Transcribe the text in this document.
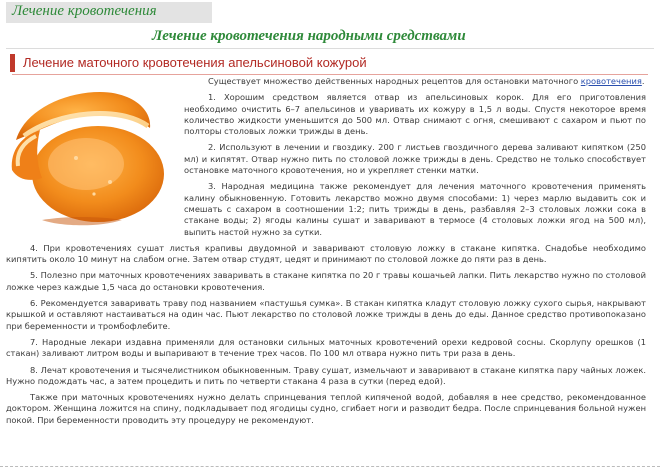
Лечение кровотечения
Лечение кровотечения народными средствами
Лечение маточного кровотечения апельсиновой кожурой

Существует множество действенных народных рецептов для остановки маточного кровотечения.

1. Хорошим средством является отвар из апельсиновых корок. Для его приготовления необходимо очистить 6–7 апельсинов и уваривать их кожуру в 1,5 л воды. Спустя некоторое время количество жидкости уменьшится до 500 мл. Отвар снимают с огня, смешивают с сахаром и пьют по полторы столовых ложки трижды в день.

2. Используют в лечении и гвоздику. 200 г листьев гвоздичного дерева заливают кипятком (250 мл) и кипятят. Отвар нужно пить по столовой ложке трижды в день. Средство не только способствует остановке маточного кровотечения, но и укрепляет стенки матки.

3. Народная медицина также рекомендует для лечения маточного кровотечения применять калину обыкновенную. Готовить лекарство можно двумя способами: 1) через марлю выдавить сок и смешать с сахаром в соотношении 1:2; пить трижды в день, разбавляя 2–3 столовых ложки сока в стакане воды; 2) ягоды калины сушат и заваривают в термосе (4 столовых ложки ягод на 500 мл), выпить настой нужно за сутки.

4. При кровотечениях сушат листья крапивы двудомной и заваривают столовую ложку в стакане кипятка. Снадобье необходимо кипятить около 10 минут на слабом огне. Затем отвар студят, цедят и принимают по столовой ложке до пяти раз в день.

5. Полезно при маточных кровотечениях заваривать в стакане кипятка по 20 г травы кошачьей лапки. Пить лекарство нужно по столовой ложке через каждые 1,5 часа до остановки кровотечения.

6. Рекомендуется заваривать траву под названием «пастушья сумка». В стакан кипятка кладут столовую ложку сухого сырья, накрывают крышкой и оставляют настаиваться на один час. Пьют лекарство по столовой ложке трижды в день до еды. Данное средство противопоказано при беременности и тромбофлебите.

7. Народные лекари издавна применяли для остановки сильных маточных кровотечений орехи кедровой сосны. Скорлупу орешков (1 стакан) заливают литром воды и выпаривают в течение трех часов. По 100 мл отвара нужно пить три раза в день.

8. Лечат кровотечения и тысячелистником обыкновенным. Траву сушат, измельчают и заваривают в стакане кипятка пару чайных ложек. Нужно подождать час, а затем процедить и пить по четверти стакана 4 раза в сутки (перед едой).

Также при маточных кровотечениях нужно делать спринцевания теплой кипяченой водой, добавляя в нее средство, рекомендованное доктором. Женщина ложится на спину, подкладывает под ягодицы судно, сгибает ноги и разводит бедра. После спринцевания больной нужен покой. При беременности проводить эту процедуру не рекомендуют.
